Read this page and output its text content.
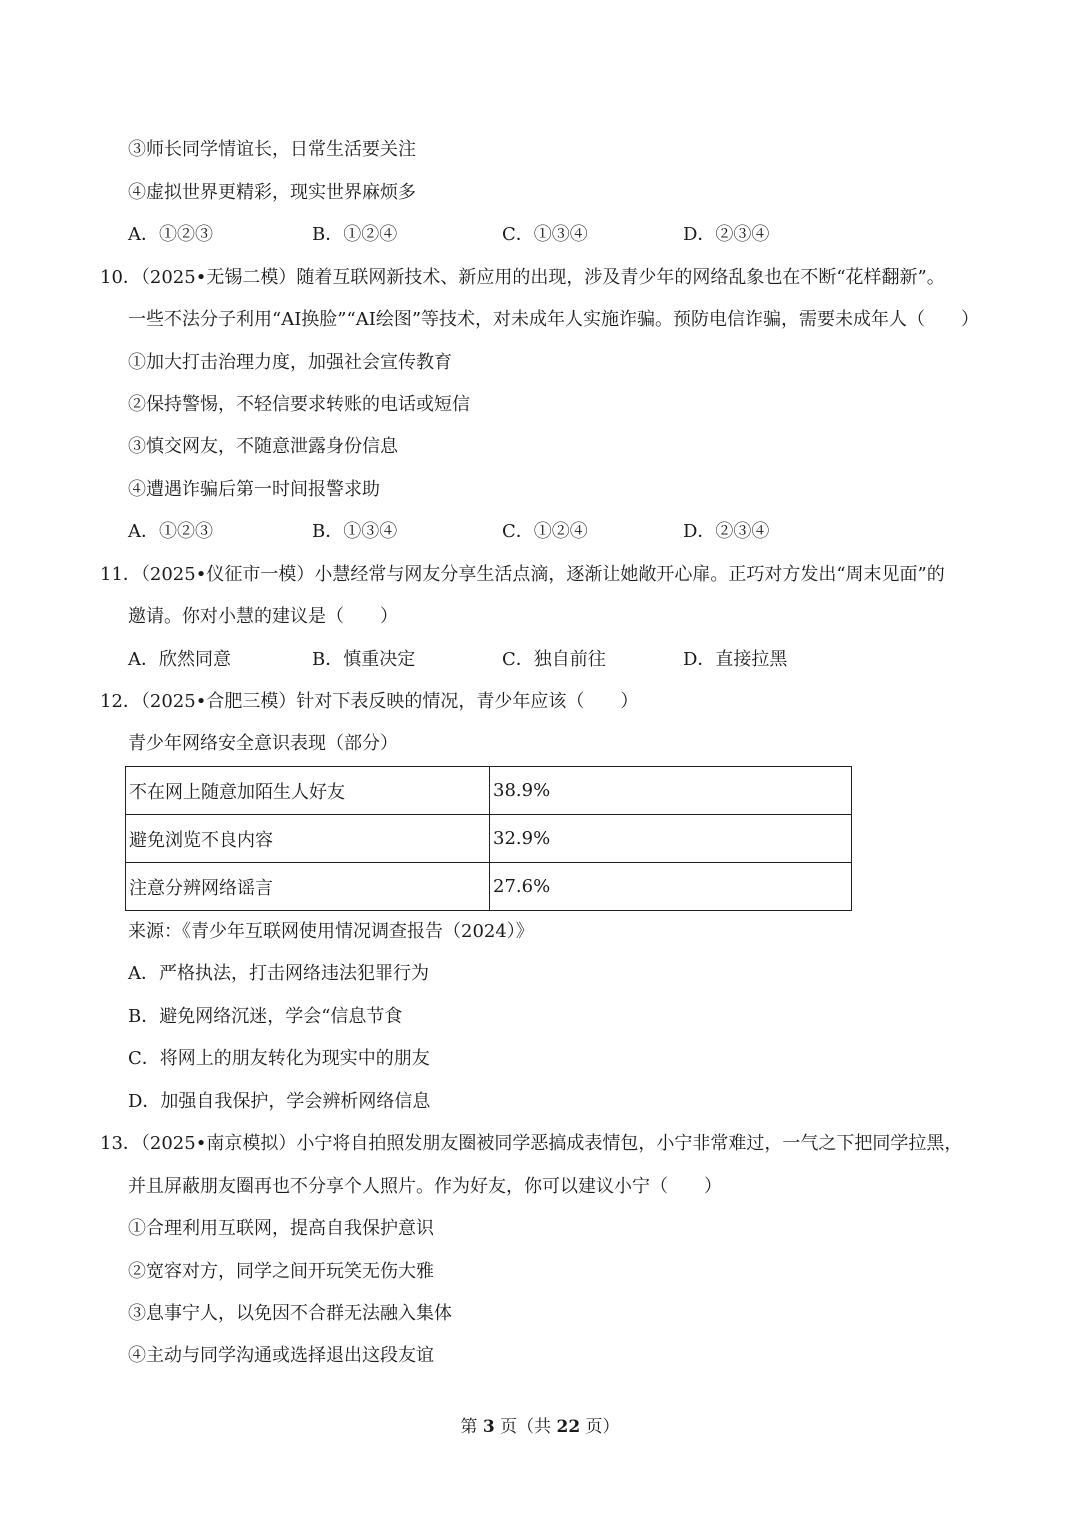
③师长同学情谊长，日常生活要关注
④虚拟世界更精彩，现实世界麻烦多
A．①②③	B．①②④	C．①③④	D．②③④
10．（2025•无锡二模）随着互联网新技术、新应用的出现，涉及青少年的网络乱象也在不断“花样翻新”。
一些不法分子利用“AI换脸”“AI绘图”等技术，对未成年人实施诈骗。预防电信诈骗，需要未成年人（　　）
①加大打击治理力度，加强社会宣传教育
②保持警惕，不轻信要求转账的电话或短信
③慎交网友，不随意泄露身份信息
④遭遇诈骗后第一时间报警求助
A．①②③	B．①③④	C．①②④	D．②③④
11．（2025•仪征市一模）小慧经常与网友分享生活点滴，逐渐让她敞开心扉。正巧对方发出“周末见面”的
邀请。你对小慧的建议是（　　）
A．欣然同意	B．慎重决定	C．独自前往	D．直接拉黑
12．（2025•合肥三模）针对下表反映的情况，青少年应该（　　）
青少年网络安全意识表现（部分）
不在网上随意加陌生人好友	38.9%
避免浏览不良内容	32.9%
注意分辨网络谣言	27.6%
来源：《青少年互联网使用情况调查报告（2024）》
A．严格执法，打击网络违法犯罪行为
B．避免网络沉迷，学会“信息节食
C．将网上的朋友转化为现实中的朋友
D．加强自我保护，学会辨析网络信息
13．（2025•南京模拟）小宁将自拍照发朋友圈被同学恶搞成表情包，小宁非常难过，一气之下把同学拉黑，
并且屏蔽朋友圈再也不分享个人照片。作为好友，你可以建议小宁（　　）
①合理利用互联网，提高自我保护意识
②宽容对方，同学之间开玩笑无伤大雅
③息事宁人，以免因不合群无法融入集体
④主动与同学沟通或选择退出这段友谊
第 3 页（共 22 页）
